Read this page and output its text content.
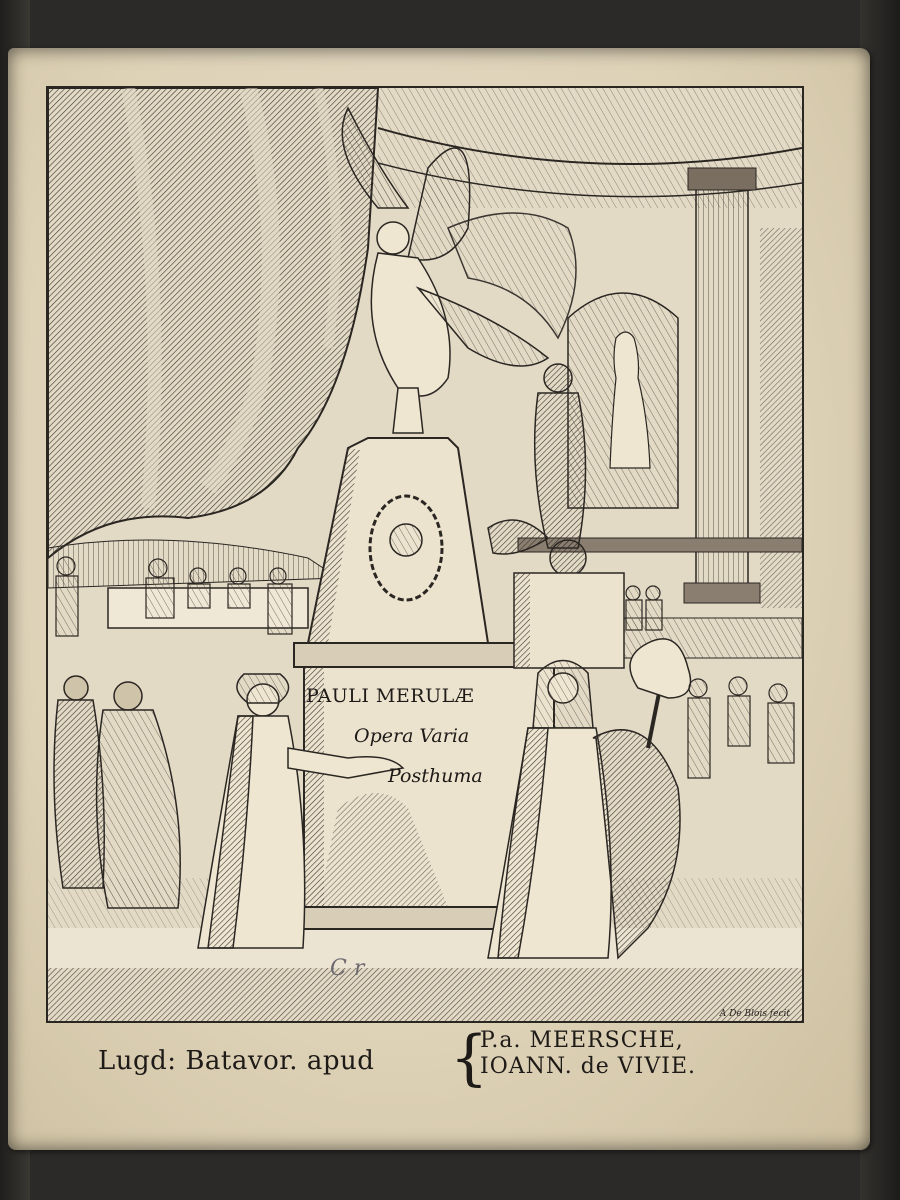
PAULI MERULÆ
Opera Varia
Posthuma
C r
A De Blois fecit
Lugd: Batavor. apud {
P.a. MEERSCHE,
IOANN. de VIVIE.
